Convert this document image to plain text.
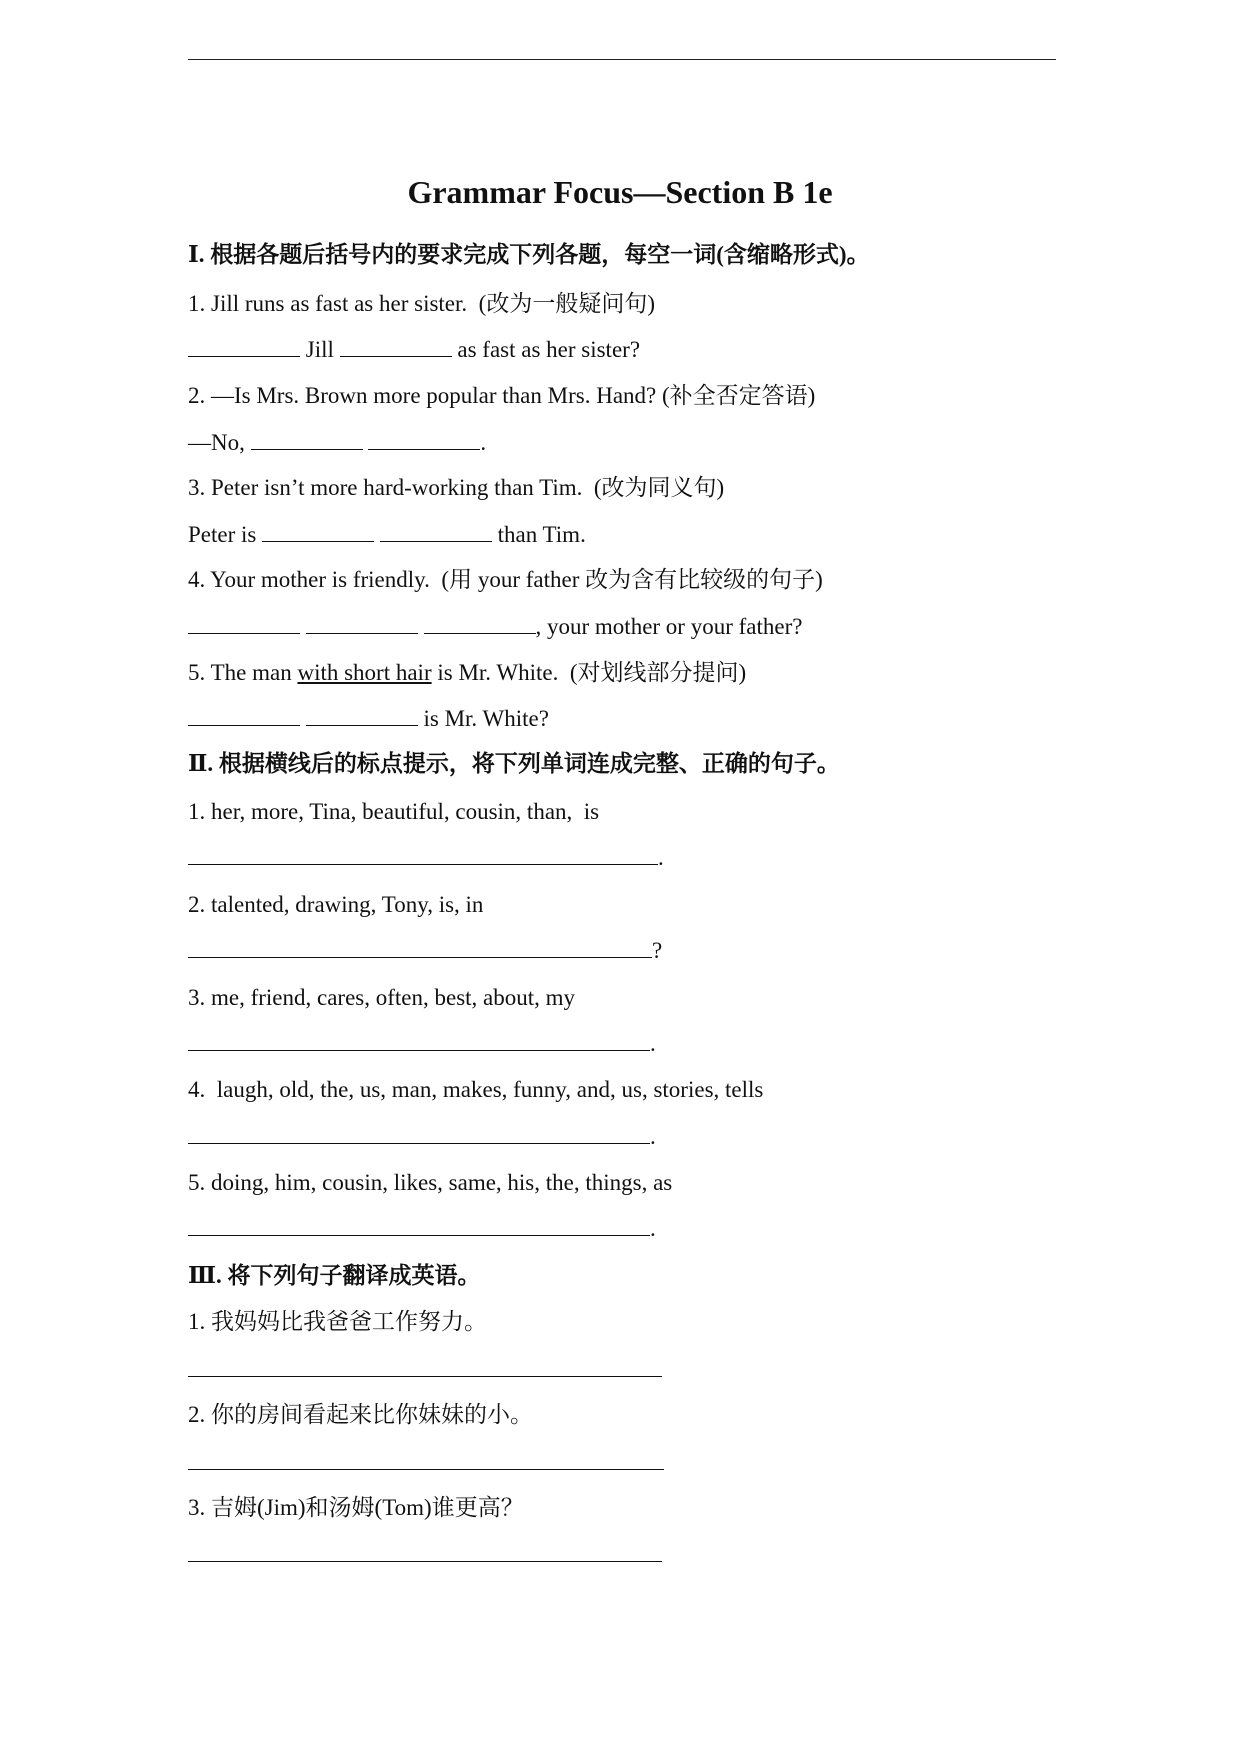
Grammar Focus—Section B 1e
Ⅰ. 根据各题后括号内的要求完成下列各题，每空一词(含缩略形式)。
1. Jill runs as fast as her sister.  (改为一般疑问句)
Jill	as fast as her sister?
2. —Is Mrs. Brown more popular than Mrs. Hand? (补全否定答语)
—No,	.
3. Peter isn’t more hard-working than Tim.  (改为同义句)
Peter is	than Tim.
4. Your mother is friendly.  (用 your father 改为含有比较级的句子)
, your mother or your father?
5. The man with short hair is Mr. White.  (对划线部分提问)
is Mr. White?
Ⅱ. 根据横线后的标点提示，将下列单词连成完整、正确的句子。
1. her, more, Tina, beautiful, cousin, than,  is
.
2. talented, drawing, Tony, is, in
?
3. me, friend, cares, often, best, about, my
.
4.  laugh, old, the, us, man, makes, funny, and, us, stories, tells
.
5. doing, him, cousin, likes, same, his, the, things, as
.
Ⅲ. 将下列句子翻译成英语。
1. 我妈妈比我爸爸工作努力。
2. 你的房间看起来比你妹妹的小。
3. 吉姆(Jim)和汤姆(Tom)谁更高？
